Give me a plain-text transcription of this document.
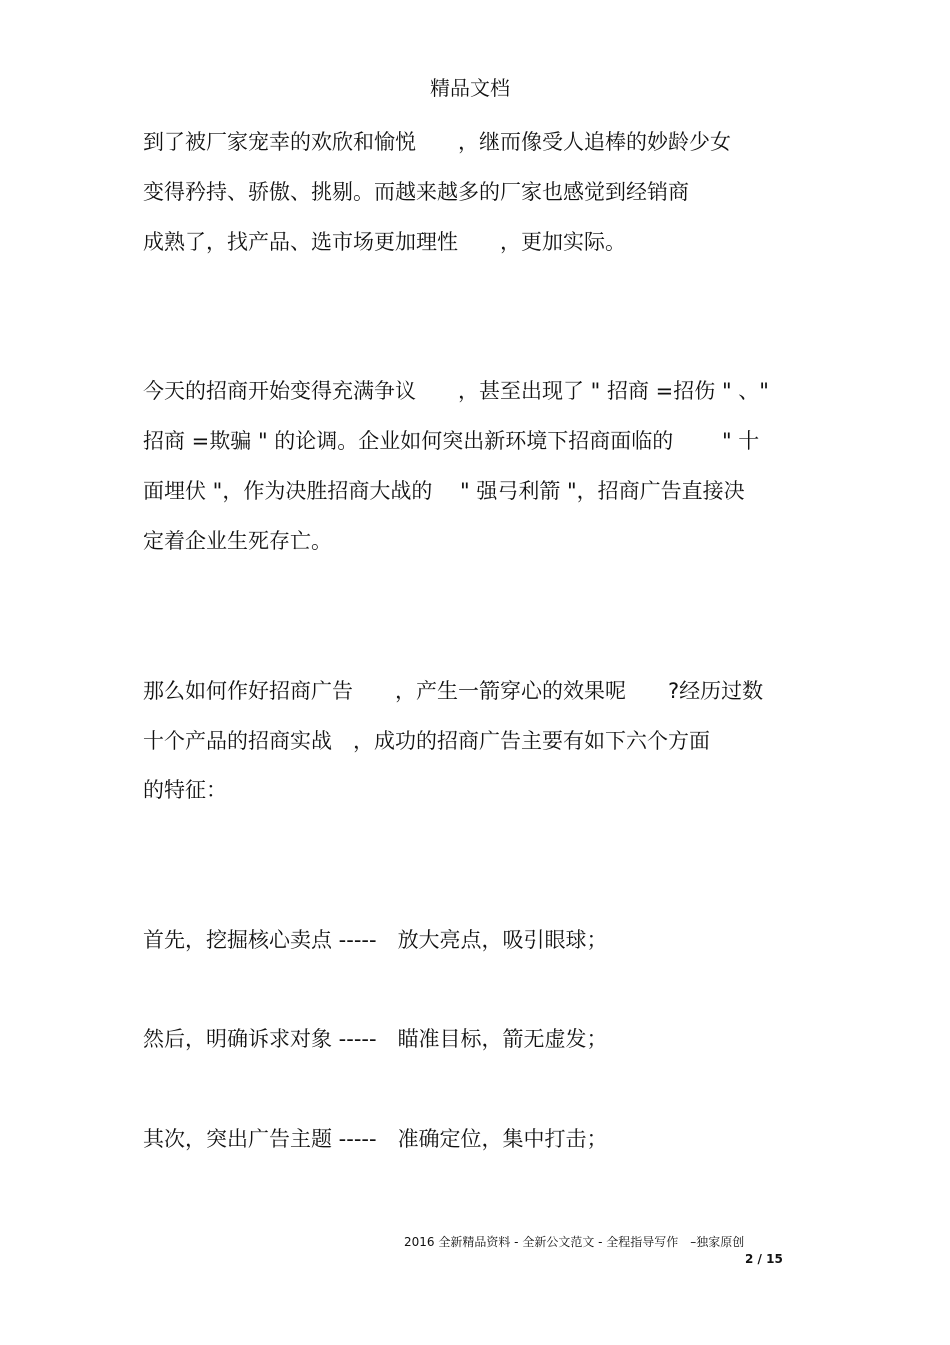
精品文档
到了被厂家宠幸的欢欣和愉悦　　，继而像受人追棒的妙龄少女
变得矜持、骄傲、挑剔。而越来越多的厂家也感觉到经销商
成熟了，找产品、选市场更加理性　　，更加实际。
今天的招商开始变得充满争议　　，甚至出现了 " 招商 =招伤 " 、"
招商 =欺骗 " 的论调。企业如何突出新环境下招商面临的　　 " 十
面埋伏 "，作为决胜招商大战的　 " 强弓利箭 "，招商广告直接决
定着企业生死存亡。
那么如何作好招商广告　　，产生一箭穿心的效果呢　　?经历过数
十个产品的招商实战　，成功的招商广告主要有如下六个方面
的特征：
首先，挖掘核心卖点 -----　放大亮点，吸引眼球；
然后，明确诉求对象 -----　瞄准目标，箭无虚发；
其次，突出广告主题 -----　准确定位，集中打击；
2016 全新精品资料 - 全新公文范文 - 全程指导写作　–独家原创
2 / 15
